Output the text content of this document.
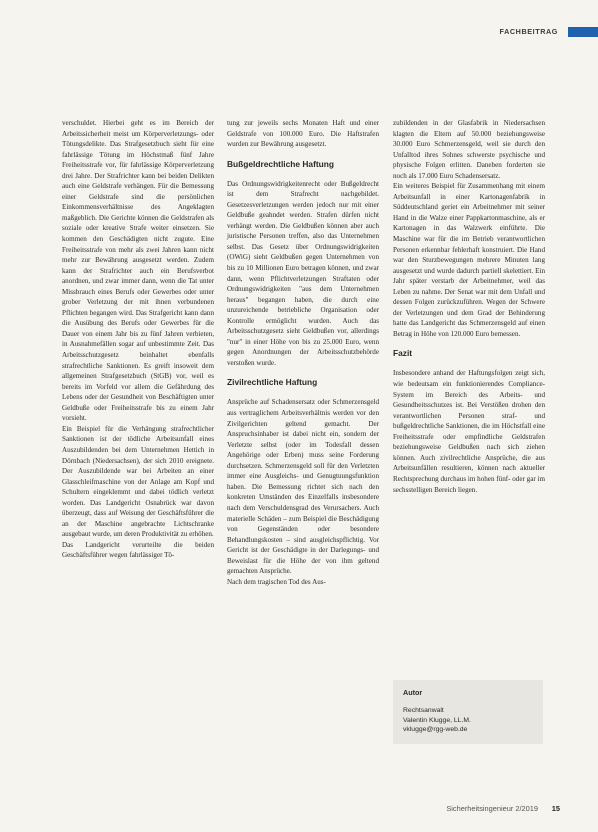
FACHBEITRAG

verschuldet. Hierbei geht es im Bereich der Arbeitssicherheit meist um Körperverletzungs- oder Tötungsdelikte. Das Strafgesetzbuch sieht für eine fahrlässige Tötung im Höchstmaß fünf Jahre Freiheitsstrafe vor, für fahrlässige Körperverletzung drei Jahre. Der Strafrichter kann bei beiden Delikten auch eine Geldstrafe verhängen. Für die Bemessung einer Geldstrafe sind die persönlichen Einkommensverhältnisse des Angeklagten maßgeblich. Die Gerichte können die Geldstrafen als soziale oder kreative Strafe weiter einsetzen. Sie kommen den Geschädigten nicht zugute. Eine Freiheitsstrafe von mehr als zwei Jahren kann nicht mehr zur Bewährung ausgesetzt werden. Zudem kann der Strafrichter auch ein Berufsverbot anordnen, und zwar immer dann, wenn die Tat unter Missbrauch eines Berufs oder Gewerbes oder unter grober Verletzung der mit ihnen verbundenen Pflichten begangen wird. Das Strafgericht kann dann die Ausübung des Berufs oder Gewerbes für die Dauer von einem Jahr bis zu fünf Jahren verbieten, in Ausnahmefällen sogar auf unbestimmte Zeit. Das Arbeitsschutzgesetz beinhaltet ebenfalls strafrechtliche Sanktionen. Es greift insoweit dem allgemeinen Strafgesetzbuch (StGB) vor, weil es bereits im Vorfeld vor allem die Gefährdung des Lebens oder der Gesundheit von Beschäftigten unter Geldbuße oder Freiheitsstrafe bis zu einem Jahr vorsieht.

Ein Beispiel für die Verhängung strafrechtlicher Sanktionen ist der tödliche Arbeitsunfall eines Auszubildenden bei dem Unternehmen Hettich in Dörnbach (Niedersachsen), der sich 2010 ereignete. Der Auszubildende war bei Arbeiten an einer Glasschleifmaschine von der Anlage am Kopf und Schultern eingeklemmt und dabei tödlich verletzt worden. Das Landgericht Osnabrück war davon überzeugt, dass auf Weisung der Geschäftsführer die an der Maschine angebrachte Lichtschranke ausgebaut wurde, um deren Produktivität zu erhöhen.

Das Landgericht verurteilte die beiden Geschäftsführer wegen fahrlässiger Tö-

tung zur jeweils sechs Monaten Haft und einer Geldstrafe von 100.000 Euro. Die Haftstrafen wurden zur Bewährung ausgesetzt.

Bußgeldrechtliche Haftung

Das Ordnungswidrigkeitenrecht oder Bußgeldrecht ist dem Strafrecht nachgebildet. Gesetzesverletzungen werden jedoch nur mit einer Geldbuße geahndet werden. Strafen dürfen nicht verhängt werden. Die Geldbußen können aber auch juristische Personen treffen, also das Unternehmen selbst. Das Gesetz über Ordnungswidrigkeiten (OWiG) sieht Geldbußen gegen Unternehmen von bis zu 10 Millionen Euro betragen können, und zwar dann, wenn Pflichtverletzungen Straftaten oder Ordnungswidrigkeiten "aus dem Unternehmen heraus" begangen haben, die durch eine unzureichende betriebliche Organisation oder Kontrolle ermöglicht wurden. Auch das Arbeitsschutzgesetz sieht Geldbußen vor, allerdings "nur" in einer Höhe von bis zu 25.000 Euro, wenn gegen Anordnungen der Arbeitsschutzbehörde verstoßen wurde.

Zivilrechtliche Haftung

Ansprüche auf Schadensersatz oder Schmerzensgeld aus vertraglichem Arbeitsverhältnis werden vor den Zivilgerichten geltend gemacht. Der Anspruchsinhaber ist dabei nicht ein, sondern der Verletzte selbst (oder im Todesfall dessen Angehörige oder Erben) muss seine Forderung durchsetzen. Schmerzensgeld soll für den Verletzten immer eine Ausgleichs- und Genugtuungsfunktion haben. Die Bemessung richtet sich nach den konkreten Umständen des Einzelfalls insbesondere nach dem Verschuldensgrad des Verursachers. Auch materielle Schäden – zum Beispiel die Beschädigung von Gegenständen oder besondere Behandlungskosten – sind ausgleichspflichtig. Vor Gericht ist der Geschädigte in der Darlegungs- und Beweislast für die Höhe der von ihm geltend gemachten Ansprüche.

Nach dem tragischen Tod des Aus-

zubildenden in der Glasfabrik in Niedersachsen klagten die Eltern auf 50.000 beziehungsweise 30.000 Euro Schmerzensgeld, weil sie durch den Unfalltod ihres Sohnes schwerste psychische und physische Folgen erlitten. Daneben forderten sie noch als 17.000 Euro Schadensersatz.

Ein weiteres Beispiel für Zusammenhang mit einem Arbeitsunfall in einer Kartonagenfabrik in Süddeutschland geriet ein Arbeitnehmer mit seiner Hand in die Walze einer Pappkartonmaschine, als er Kartonagen in das Walzwerk einführte. Die Maschine war für die im Betrieb verantwortlichen Personen erkennbar fehlerhaft konstruiert. Die Hand war den Sturzbewegungen mehrere Minuten lang ausgesetzt und wurde dadurch partiell skelettiert. Ein Jahr später verstarb der Arbeitnehmer, weil das Leben zu nahme. Der Senat war mit dem Unfall und dessen Folgen zurückzuführen. Wegen der Schwere der Verletzungen und dem Grad der Behinderung hatte das Landgericht das Schmerzensgeld auf einen Betrag in Höhe von 120.000 Euro bemessen.

Fazit

Insbesondere anhand der Haftungsfolgen zeigt sich, wie bedeutsam ein funktionierendes Compliance-System im Bereich des Arbeits- und Gesundheitsschutzes ist. Bei Verstößen drohen den verantwortlichen Personen straf- und bußgeldrechtliche Sanktionen, die im Höchstfall eine Freiheitsstrafe oder empfindliche Geldstrafen beziehungsweise Geldbußen nach sich ziehen können. Auch zivilrechtliche Ansprüche, die aus Arbeitsunfällen resultieren, können nach aktueller Rechtsprechung durchaus im hohen fünf- oder gar im sechsstelligen Bereich liegen.

Autor
Rechtsanwalt
Valentin Klugge, LL.M.
vklugge@rgg-web.de
Sicherheitsingenieur 2/2019 15
